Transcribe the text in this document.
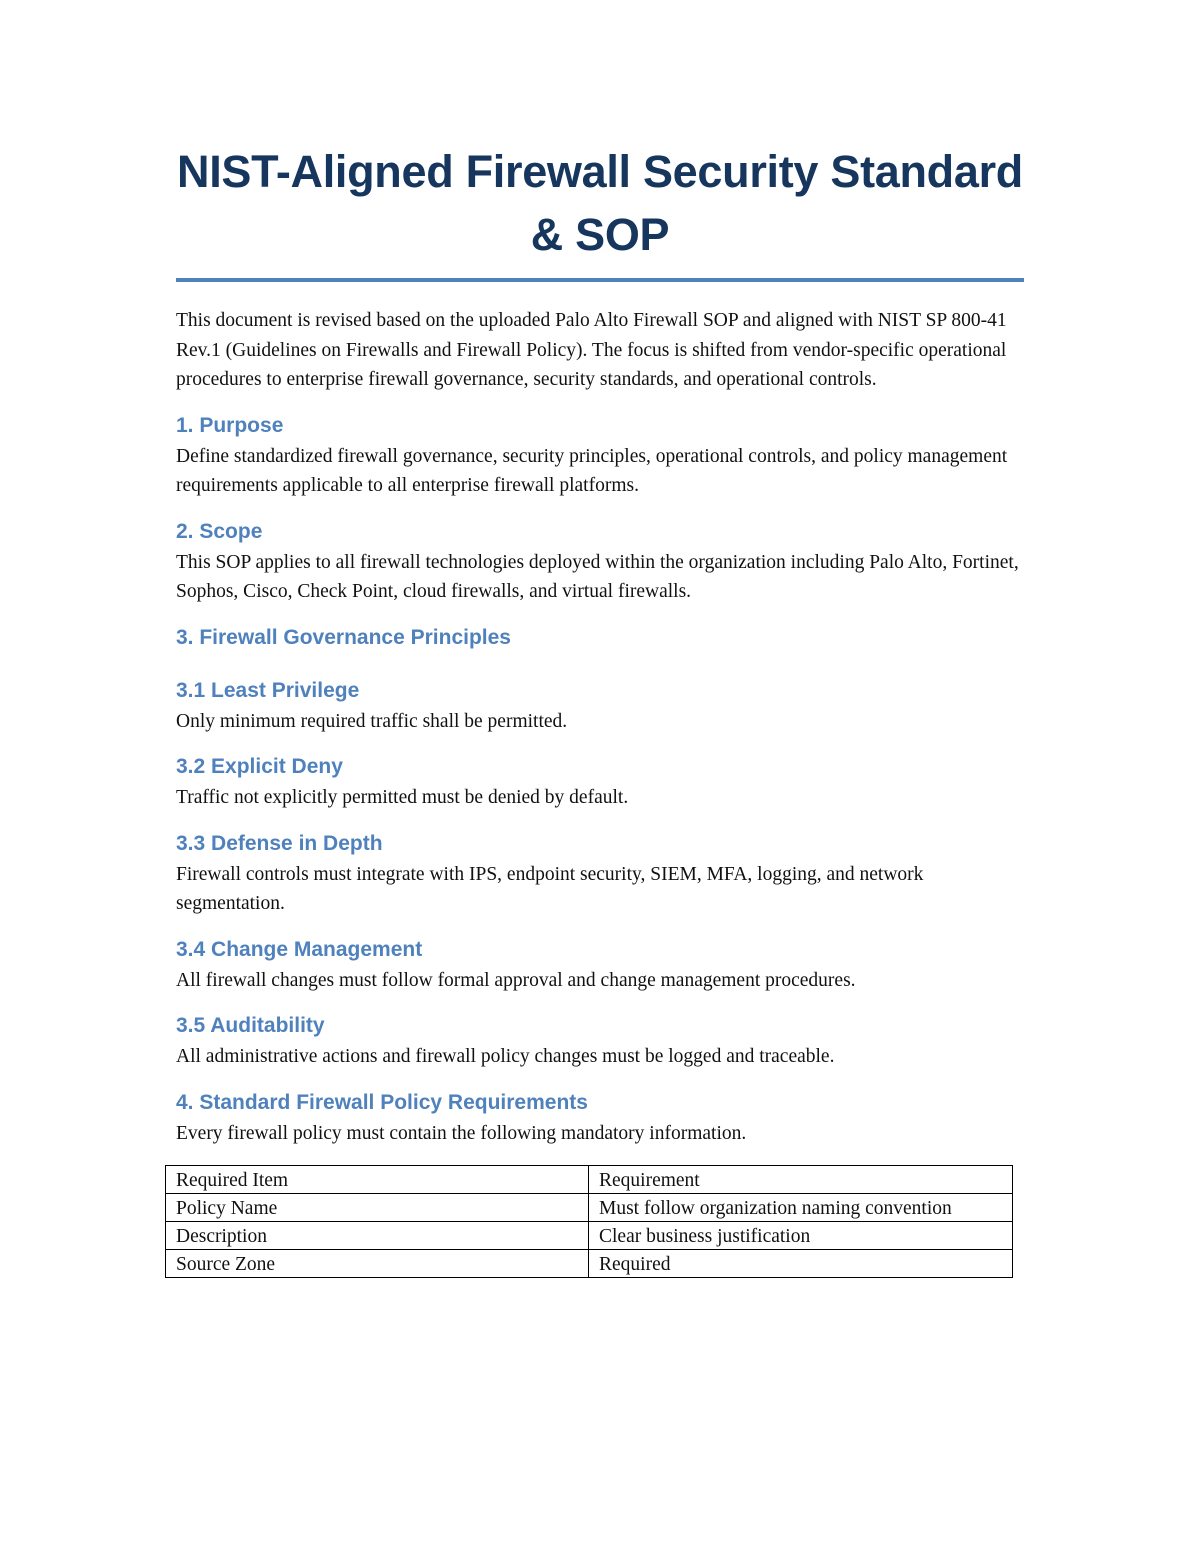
NIST-Aligned Firewall Security Standard & SOP

This document is revised based on the uploaded Palo Alto Firewall SOP and aligned with NIST SP 800-41 Rev.1 (Guidelines on Firewalls and Firewall Policy). The focus is shifted from vendor-specific operational procedures to enterprise firewall governance, security standards, and operational controls.

1. Purpose

Define standardized firewall governance, security principles, operational controls, and policy management requirements applicable to all enterprise firewall platforms.

2. Scope

This SOP applies to all firewall technologies deployed within the organization including Palo Alto, Fortinet, Sophos, Cisco, Check Point, cloud firewalls, and virtual firewalls.

3. Firewall Governance Principles
3.1 Least Privilege

Only minimum required traffic shall be permitted.

3.2 Explicit Deny

Traffic not explicitly permitted must be denied by default.

3.3 Defense in Depth

Firewall controls must integrate with IPS, endpoint security, SIEM, MFA, logging, and network segmentation.

3.4 Change Management

All firewall changes must follow formal approval and change management procedures.

3.5 Auditability

All administrative actions and firewall policy changes must be logged and traceable.

4. Standard Firewall Policy Requirements

Every firewall policy must contain the following mandatory information.

Required Item	Requirement
Policy Name	Must follow organization naming convention
Description	Clear business justification
Source Zone	Required
